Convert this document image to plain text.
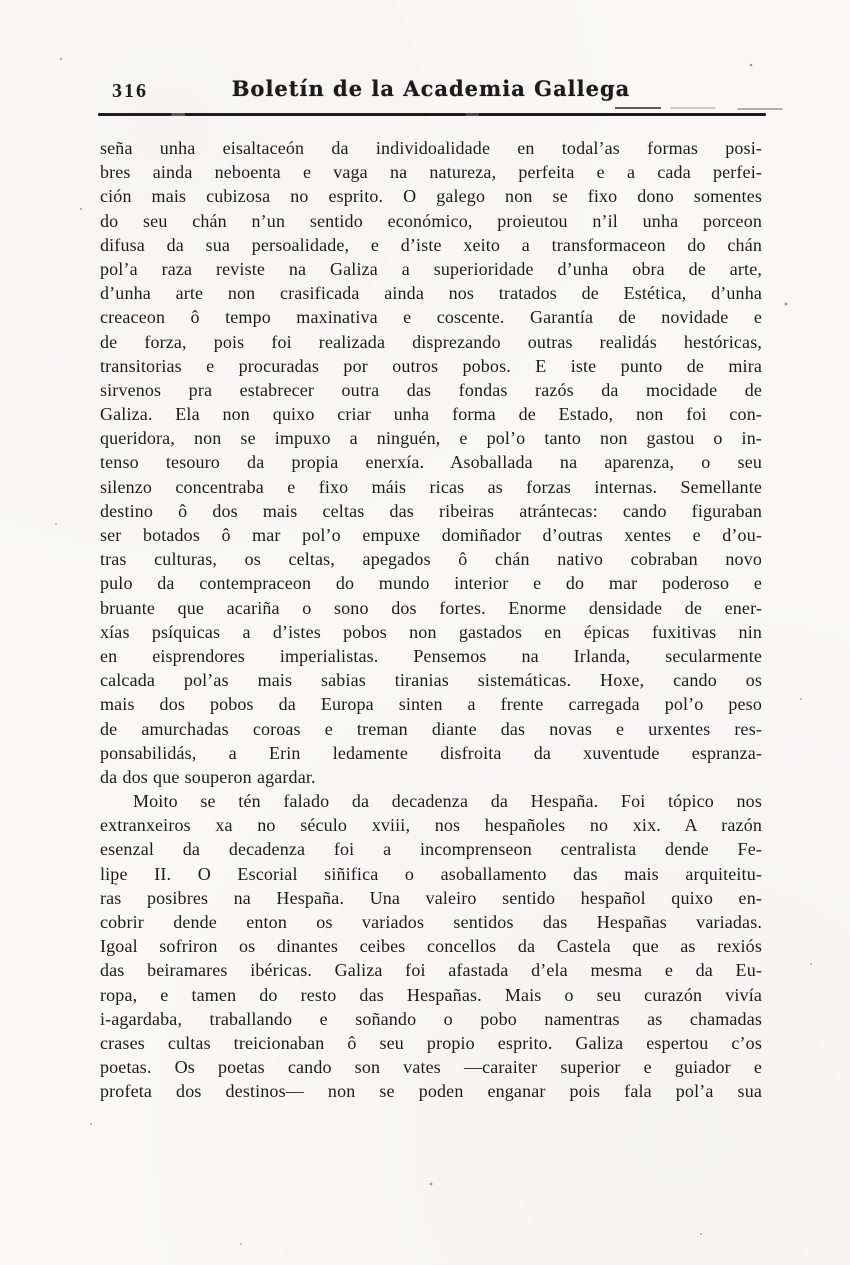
316	Boletín de la Academia Gallega
seña unha eisaltaceón da individoalidade en todal’as formas posi-
bres ainda neboenta e vaga na natureza, perfeita e a cada perfei-
ción mais cubizosa no esprito. O galego non se fixo dono somentes
do seu chán n’un sentido económico, proieutou n’il unha porceon
difusa da sua persoalidade, e d’iste xeito a transformaceon do chán
pol’a raza reviste na Galiza a superioridade d’unha obra de arte,
d’unha arte non crasificada ainda nos tratados de Estética, d’unha
creaceon ô tempo maxinativa e coscente. Garantía de novidade e
de forza, pois foi realizada disprezando outras realidás hestóricas,
transitorias e procuradas por outros pobos. E iste punto de mira
sirvenos pra estabrecer outra das fondas razós da mocidade de
Galiza. Ela non quixo criar unha forma de Estado, non foi con-
queridora, non se impuxo a ninguén, e pol’o tanto non gastou o in-
tenso tesouro da propia enerxía. Asoballada na aparenza, o seu
silenzo concentraba e fixo máis ricas as forzas internas. Semellante
destino ô dos mais celtas das ribeiras atrántecas: cando figuraban
ser botados ô mar pol’o empuxe domiñador d’outras xentes e d’ou-
tras culturas, os celtas, apegados ô chán nativo cobraban novo
pulo da contempraceon do mundo interior e do mar poderoso e
bruante que acariña o sono dos fortes. Enorme densidade de ener-
xías psíquicas a d’istes pobos non gastados en épicas fuxitivas nin
en eisprendores imperialistas. Pensemos na Irlanda, secularmente
calcada pol’as mais sabias tiranias sistemáticas. Hoxe, cando os
mais dos pobos da Europa sinten a frente carregada pol’o peso
de amurchadas coroas e treman diante das novas e urxentes res-
ponsabilidás, a Erin ledamente disfroita da xuventude espranza-
da dos que souperon agardar.
Moito se tén falado da decadenza da Hespaña. Foi tópico nos
extranxeiros xa no século xviii, nos hespañoles no xix. A razón
esenzal da decadenza foi a incomprenseon centralista dende Fe-
lipe II. O Escorial siñifica o asoballamento das mais arquiteitu-
ras posibres na Hespaña. Una valeiro sentido hespañol quixo en-
cobrir dende enton os variados sentidos das Hespañas variadas.
Igoal sofriron os dinantes ceibes concellos da Castela que as rexiós
das beiramares ibéricas. Galiza foi afastada d’ela mesma e da Eu-
ropa, e tamen do resto das Hespañas. Mais o seu curazón vivía
i-agardaba, traballando e soñando o pobo namentras as chamadas
crases cultas treicionaban ô seu propio esprito. Galiza espertou c’os
poetas. Os poetas cando son vates —caraiter superior e guiador e
profeta dos destinos— non se poden enganar pois fala pol’a sua
